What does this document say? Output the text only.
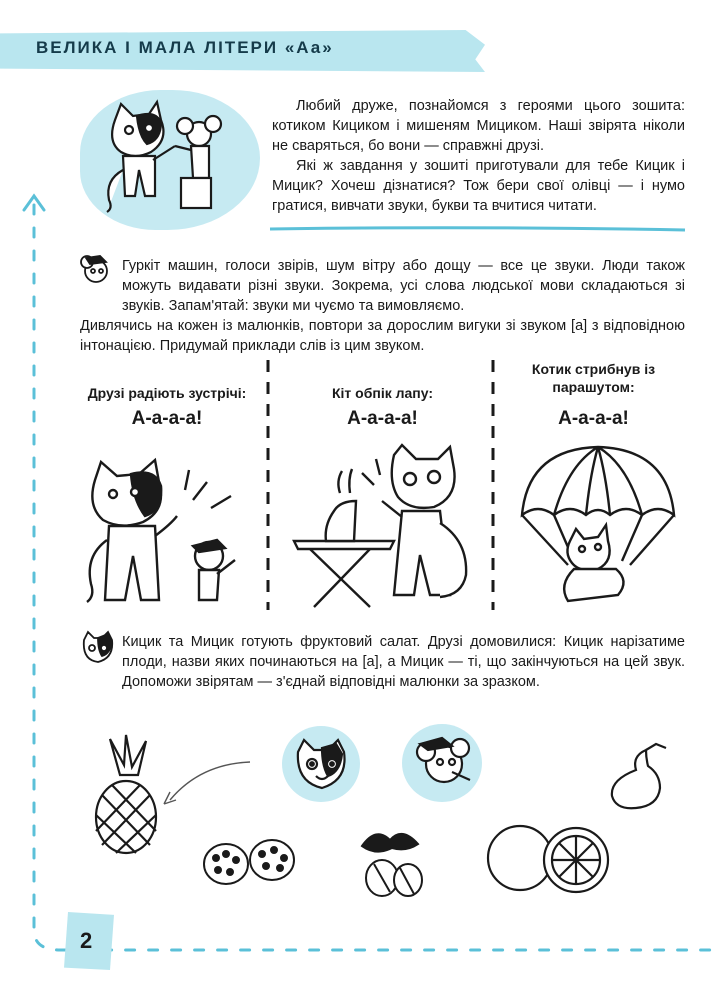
ВЕЛИКА І МАЛА ЛІТЕРИ «Аа»

Любий друже, познайомся з героями цього зошита: котиком Кициком і мишеням Мициком. Наші звірята ніколи не сваряться, бо вони — справжні друзі.

Які ж завдання у зошиті приготували для тебе Кицик і Мицик? Хочеш дізнатися? Тож бери свої олівці — і нумо гратися, вивчати звуки, букви та вчитися читати.

Гуркіт машин, голоси звірів, шум вітру або дощу — все це звуки. Люди також можуть видавати різні звуки. Зокрема, усі слова людської мови складаються зі звуків. Запам'ятай: звуки ми чуємо та вимовляємо.

Дивлячись на кожен із малюнків, повтори за дорослим вигуки зі звуком [а] з відповідною інтонацією. Придумай приклади слів із цим звуком.

Друзі радіють зустрічі:
А-а-а-а!
Кіт обпік лапу:
А-а-а-а!
Котик стрибнув із парашутом:
А-а-а-а!

Кицик та Мицик готують фруктовий салат. Друзі домовилися: Кицик нарізатиме плоди, назви яких починаються на [а], а Мицик — ті, що закінчуються на цей звук. Допоможи звірятам — з'єднай відповідні малюнки за зразком.

2
